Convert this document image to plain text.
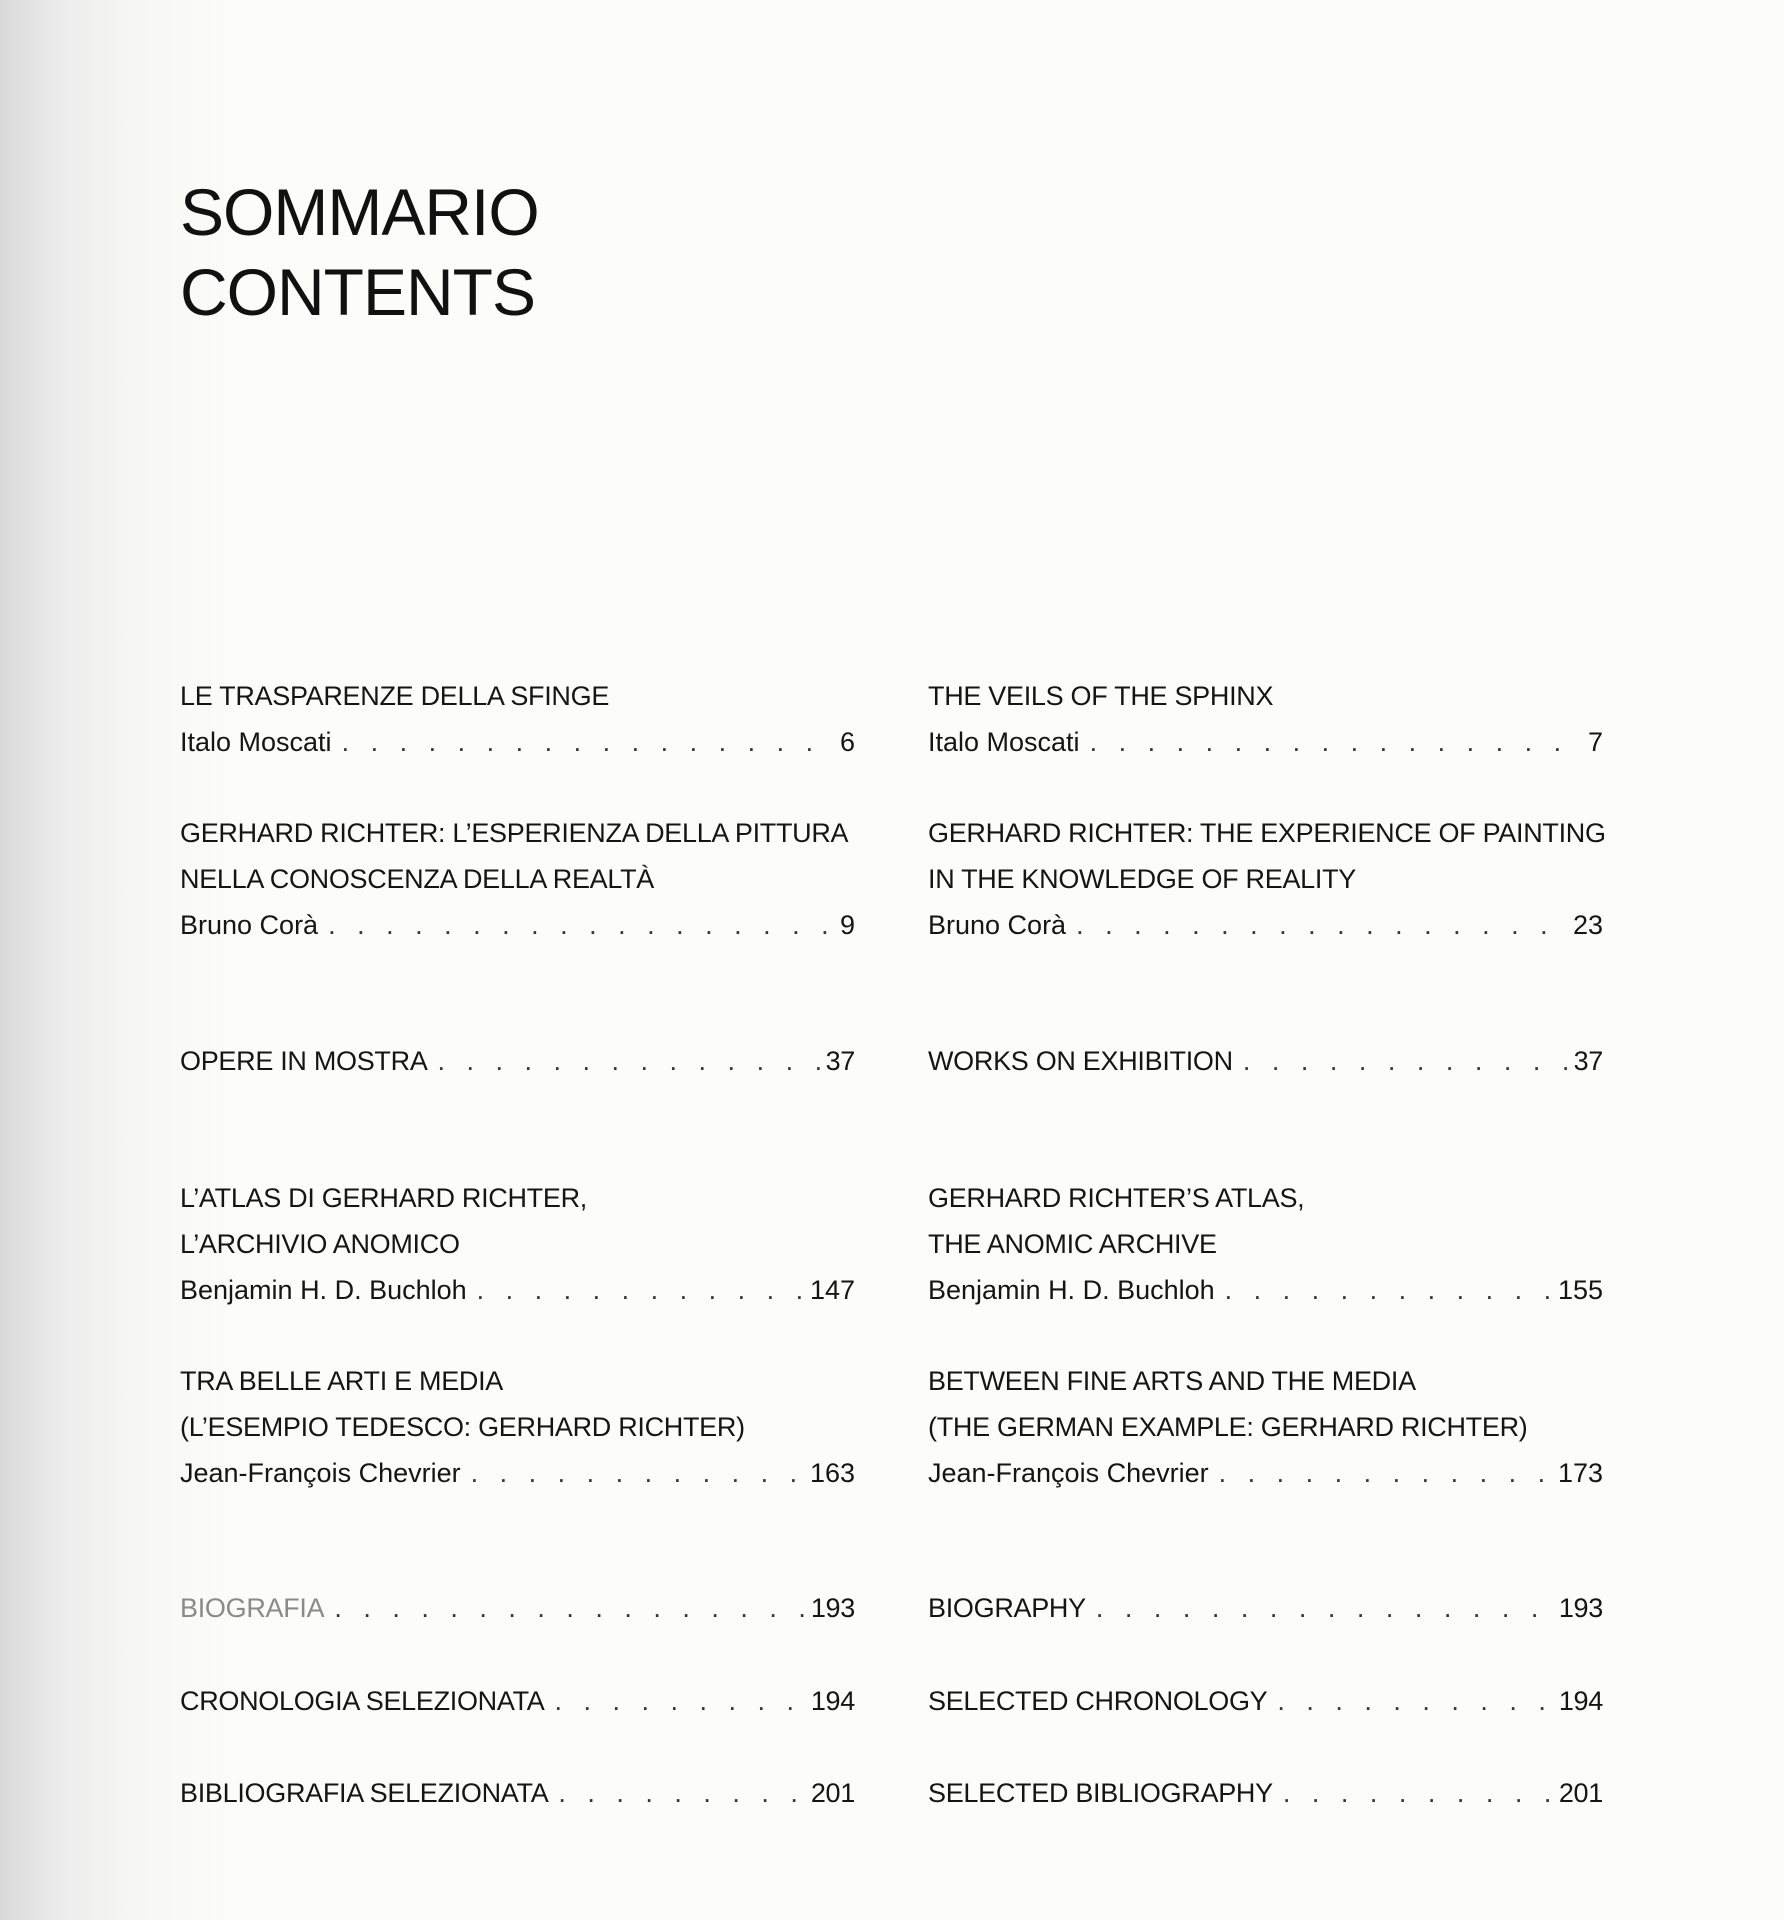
SOMMARIO
CONTENTS
LE TRASPARENZE DELLA SFINGE
Italo Moscati . . .	6
GERHARD RICHTER: L’ESPERIENZA DELLA PITTURA
NELLA CONOSCENZA DELLA REALTÀ
Bruno Corà . . .	9
OPERE IN MOSTRA . . .	37
L’ATLAS DI GERHARD RICHTER,
L’ARCHIVIO ANOMICO
Benjamin H. D. Buchloh . . .	147
TRA BELLE ARTI E MEDIA
(L’ESEMPIO TEDESCO: GERHARD RICHTER)
Jean-François Chevrier . . .	163
BIOGRAFIA . . .	193
CRONOLOGIA SELEZIONATA . . .	194
BIBLIOGRAFIA SELEZIONATA . . .	201
THE VEILS OF THE SPHINX
Italo Moscati . . .	7
GERHARD RICHTER: THE EXPERIENCE OF PAINTING
IN THE KNOWLEDGE OF REALITY
Bruno Corà . . .	23
WORKS ON EXHIBITION . . .	37
GERHARD RICHTER’S ATLAS,
THE ANOMIC ARCHIVE
Benjamin H. D. Buchloh . . .	155
BETWEEN FINE ARTS AND THE MEDIA
(THE GERMAN EXAMPLE: GERHARD RICHTER)
Jean-François Chevrier . . .	173
BIOGRAPHY . . .	193
SELECTED CHRONOLOGY . . .	194
SELECTED BIBLIOGRAPHY . . .	201
